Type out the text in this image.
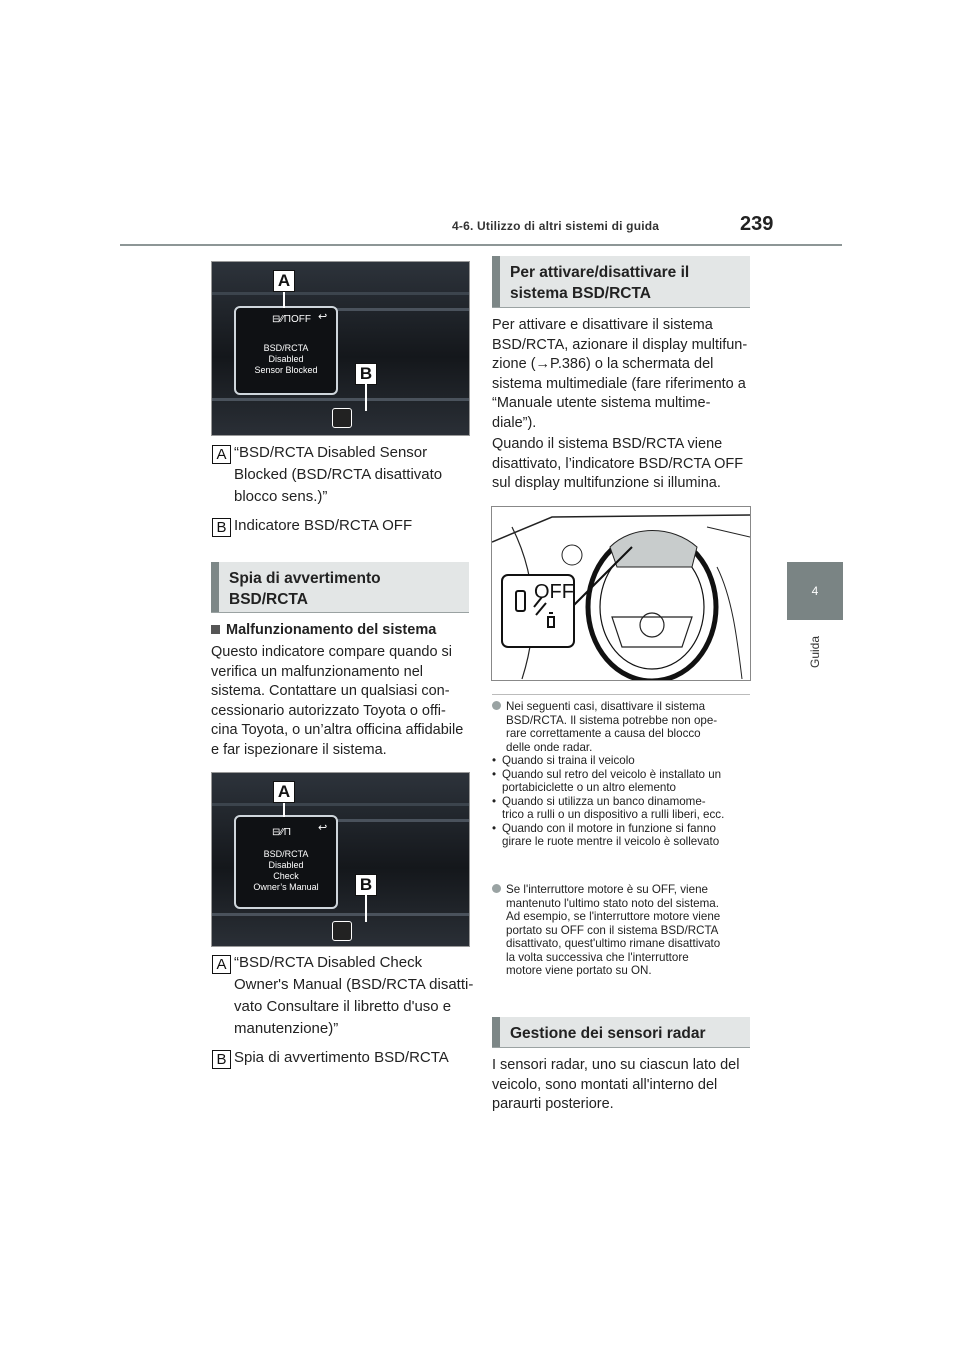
4-6. Utilizzo di altri sistemi di guida	239
4
Guida
⊟⁄⁄ΠOFF ↩
BSD/RCTA
Disabled
Sensor Blocked
A
B
A “BSD/RCTA Disabled Sensor
Blocked (BSD/RCTA disattivato
blocco sens.)”
B Indicatore BSD/RCTA OFF
Spia di avvertimento
BSD/RCTA
Malfunzionamento del sistema
Questo indicatore compare quando si
verifica un malfunzionamento nel
sistema. Contattare un qualsiasi con-
cessionario autorizzato Toyota o offi-
cina Toyota, o un’altra officina affidabile
e far ispezionare il sistema.
⊟⁄⁄Π ↩
BSD/RCTA
Disabled
Check
Owner’s Manual
A
B
A “BSD/RCTA Disabled Check
Owner's Manual (BSD/RCTA disatti-
vato Consultare il libretto d'uso e
manutenzione)”
B Spia di avvertimento BSD/RCTA
Per attivare/disattivare il
sistema BSD/RCTA
Per attivare e disattivare il sistema
BSD/RCTA, azionare il display multifun-
zione (→P.386) o la schermata del
sistema multimediale (fare riferimento a
“Manuale utente sistema multime-
diale”).
Quando il sistema BSD/RCTA viene
disattivato, l’indicatore BSD/RCTA OFF
sul display multifunzione si illumina.
OFF
Nei seguenti casi, disattivare il sistema
BSD/RCTA. Il sistema potrebbe non ope-
rare correttamente a causa del blocco
delle onde radar.
• Quando si traina il veicolo
• Quando sul retro del veicolo è installato un
portabiciclette o un altro elemento
• Quando si utilizza un banco dinamome-
trico a rulli o un dispositivo a rulli liberi, ecc.
• Quando con il motore in funzione si fanno
girare le ruote mentre il veicolo è sollevato
Se l'interruttore motore è su OFF, viene
mantenuto l'ultimo stato noto del sistema.
Ad esempio, se l'interruttore motore viene
portato su OFF con il sistema BSD/RCTA
disattivato, quest'ultimo rimane disattivato
la volta successiva che l'interruttore
motore viene portato su ON.
Gestione dei sensori radar
I sensori radar, uno su ciascun lato del
veicolo, sono montati all'interno del
paraurti posteriore.
